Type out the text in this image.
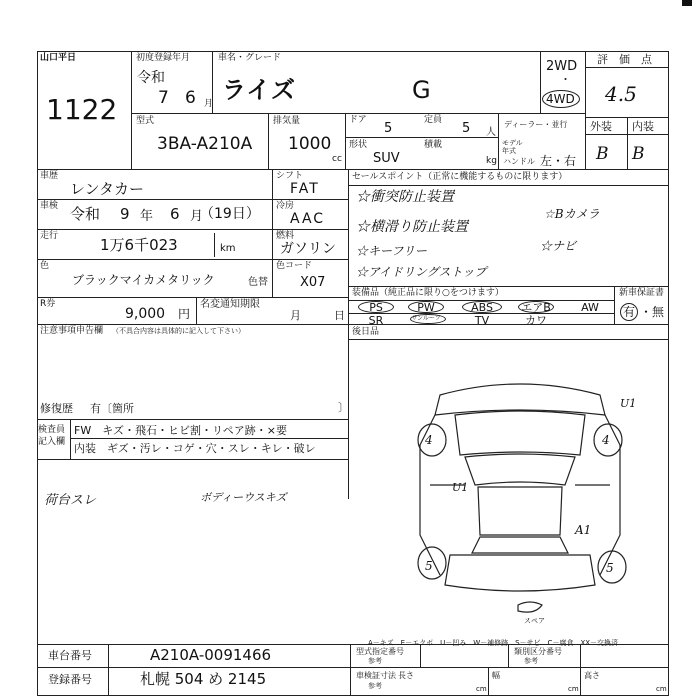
山口平日
1122
初度登録年月
令和
7 6 月
車名・グレード
ライズ	G
2WD
・
4WD
評　価　点
4.5
外装 内装
B B
型式
3BA-A210A
排気量
1000
cc
ドア
5
定員
5 人
ディーラー・並行
モデル年式
形状
SUV
積載
kg ハンドル 左・右
車歴
レンタカー
シフト
FAT
車検 令和 9 年 6 月
（19日） 冷房
AAC
走行	1万6千023	km
燃料
ガソリン
色
ブラックマイカメタリック	色替
色コード
X07
R券
9,000 円
名変通知期限
月	日
注意事項申告欄 （不具合内容は具体的に記入して下さい）
修復歴 有〔箇所	〕
検査員記入欄
FW　キズ・飛石・ヒビ割・リペア跡・×要
内装　ギズ・汚レ・コゲ・穴・スレ・キレ・破レ
荷台スレ	ボディーウスキズ
セールスポイント（正常に機能するものに限ります）
☆衝突防止装置
☆横滑り防止装置
☆キーフリー
☆アイドリングストップ
☆Bカメラ
☆ナビ
装備品（純正品に限り○をつけます）	新車保証書
有 ・無
PS	PW	ABS	エアB	AW
SR	サンルーフ	TV	カワ
後日品
U1
U1
4	4
5	5
A1
スペア
A－キズ　E－エクボ　U－凹み　W－補修跡　S－サビ　C－腐食　XX－交換済
車台番号	A210A-0091466
登録番号	札幌 504 め 2145
型式指定番号
参考
類別区分番号
参考
車検証寸法
参考
長さ
cm
幅
cm
高さ
cm
